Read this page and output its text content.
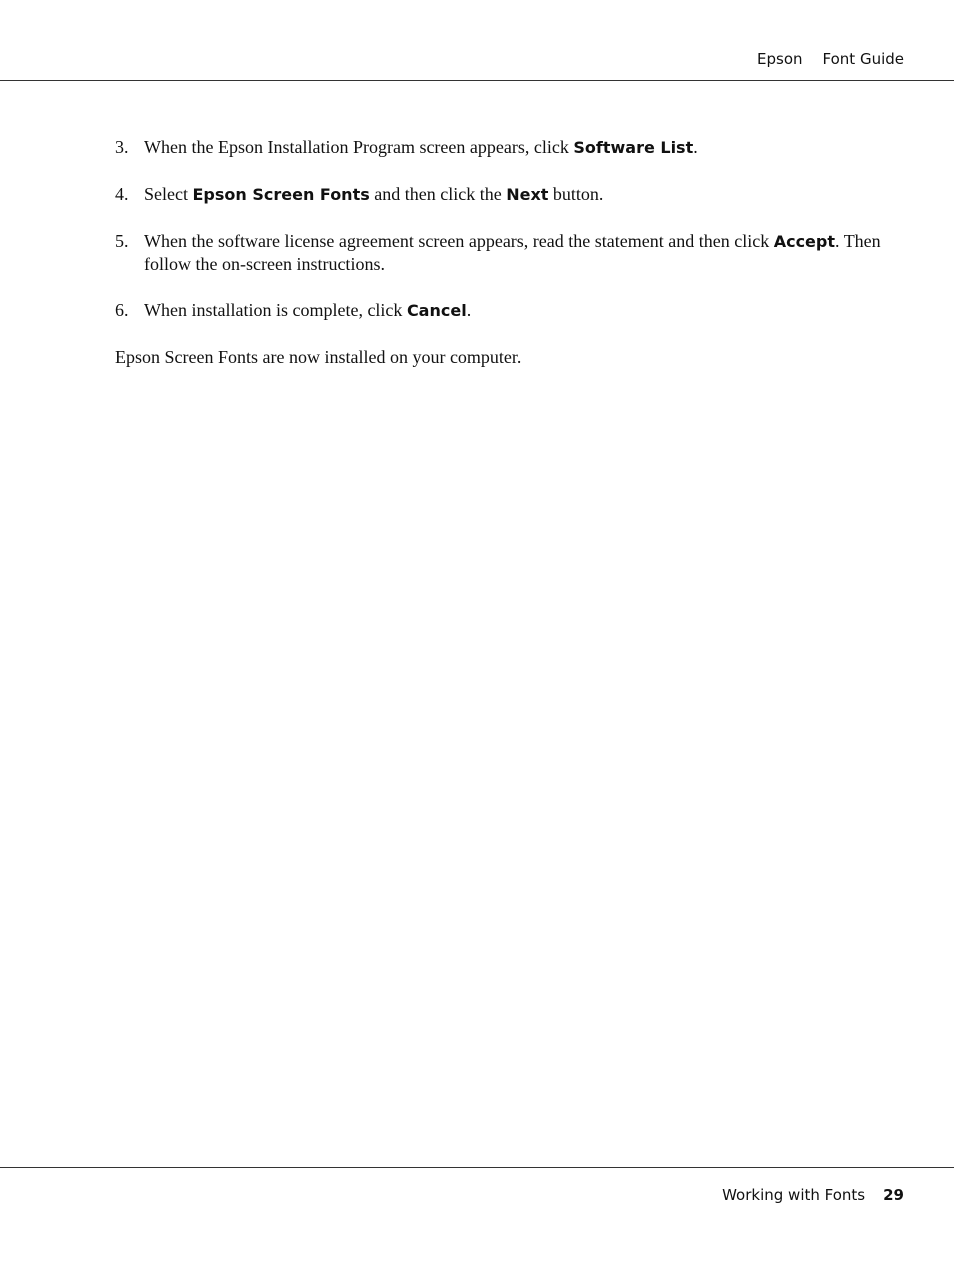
Epson Font Guide
3. When the Epson Installation Program screen appears, click Software List.
4. Select Epson Screen Fonts and then click the Next button.
5. When the software license agreement screen appears, read the statement and then click Accept. Then follow the on-screen instructions.
6. When installation is complete, click Cancel.

Epson Screen Fonts are now installed on your computer.

Working with Fonts 29
